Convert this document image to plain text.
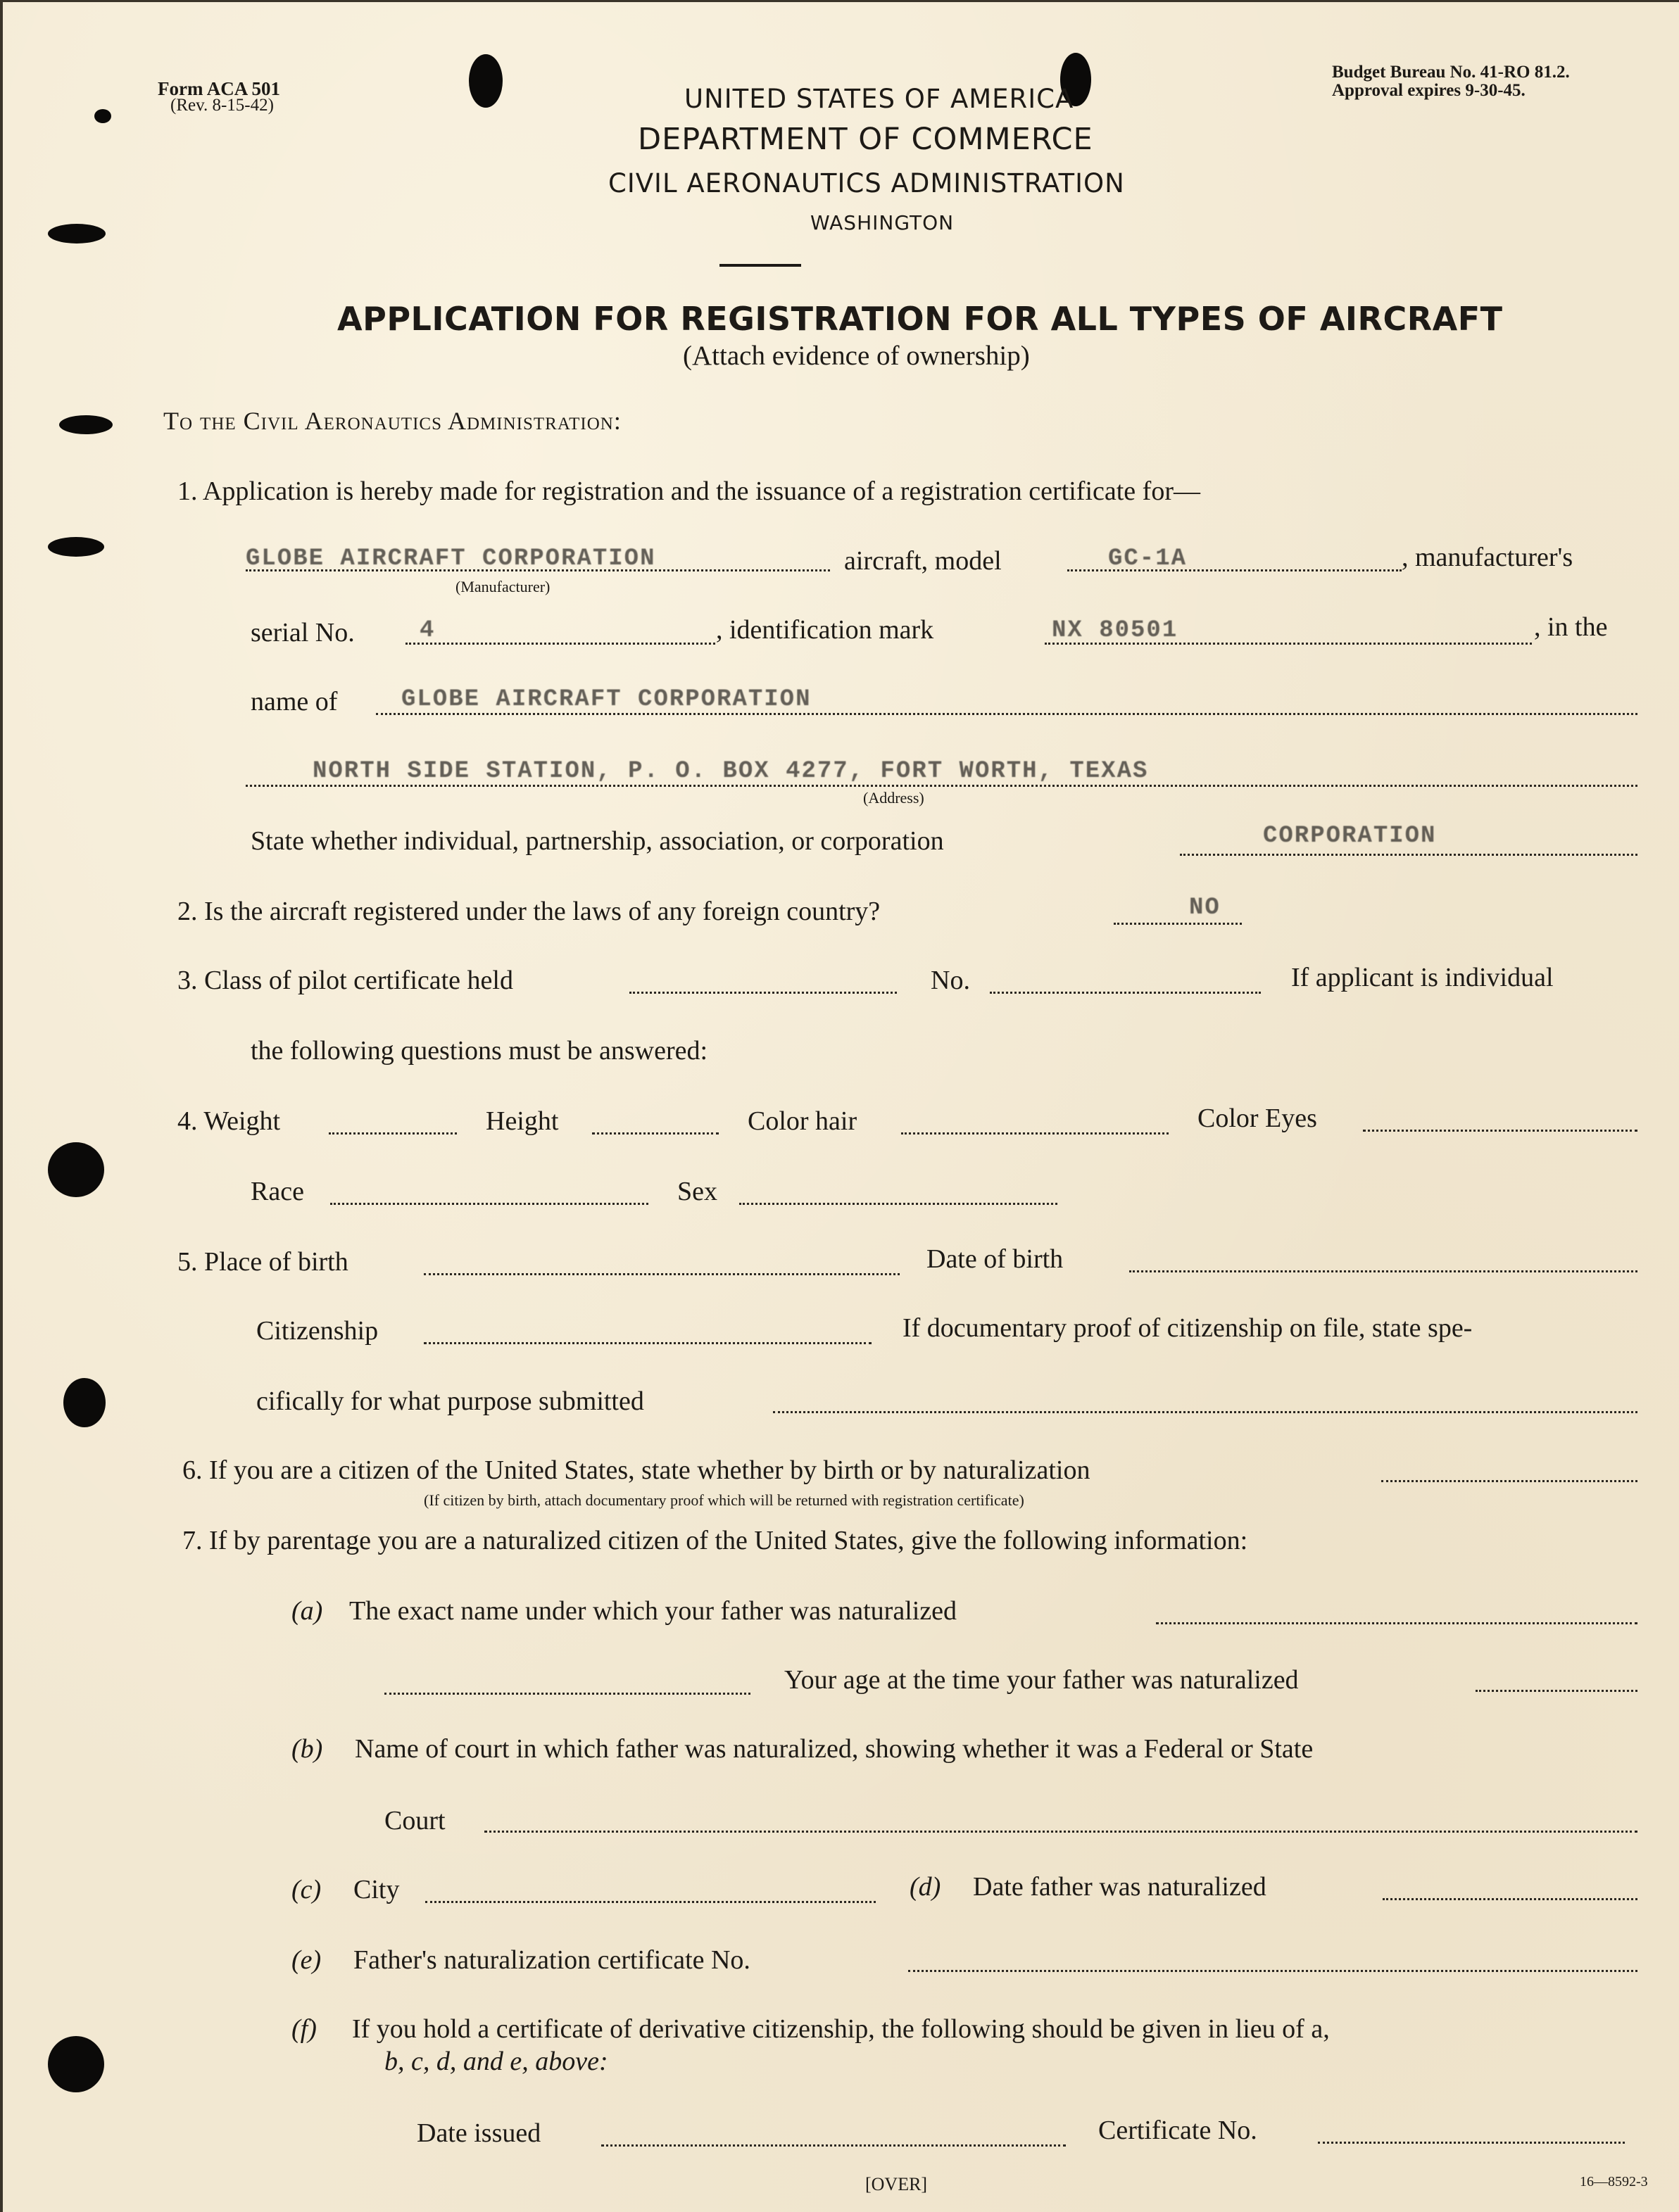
Form ACA 501
(Rev. 8-15-42)
Budget Bureau No. 41-RO 81.2.
Approval expires 9-30-45.
UNITED STATES OF AMERICA
DEPARTMENT OF COMMERCE
CIVIL AERONAUTICS ADMINISTRATION
WASHINGTON
APPLICATION FOR REGISTRATION FOR ALL TYPES OF AIRCRAFT
(Attach evidence of ownership)
To the Civil Aeronautics Administration:
1. Application is hereby made for registration and the issuance of a registration certificate for—
GLOBE AIRCRAFT CORPORATION
(Manufacturer)
aircraft, model	GC-1A	, manufacturer's
serial No.	4	, identification mark	NX 80501	, in the
name of	GLOBE AIRCRAFT CORPORATION
NORTH SIDE STATION, P. O. BOX 4277, FORT WORTH, TEXAS
(Address)
State whether individual, partnership, association, or corporation	CORPORATION
2. Is the aircraft registered under the laws of any foreign country?	NO
3. Class of pilot certificate held	No.	If applicant is individual
the following questions must be answered:
4. Weight	Height	Color hair	Color Eyes
Race	Sex
5. Place of birth	Date of birth
Citizenship	If documentary proof of citizenship on file, state spe-
cifically for what purpose submitted
6. If you are a citizen of the United States, state whether by birth or by naturalization
(If citizen by birth, attach documentary proof which will be returned with registration certificate)
7. If by parentage you are a naturalized citizen of the United States, give the following information:
(a) The exact name under which your father was naturalized
Your age at the time your father was naturalized
(b) Name of court in which father was naturalized, showing whether it was a Federal or State
Court
(c) City	(d) Date father was naturalized
(e) Father's naturalization certificate No.
(f) If you hold a certificate of derivative citizenship, the following should be given in lieu of a,
b, c, d, and e, above:
Date issued	Certificate No.
[OVER]	16—8592-3
